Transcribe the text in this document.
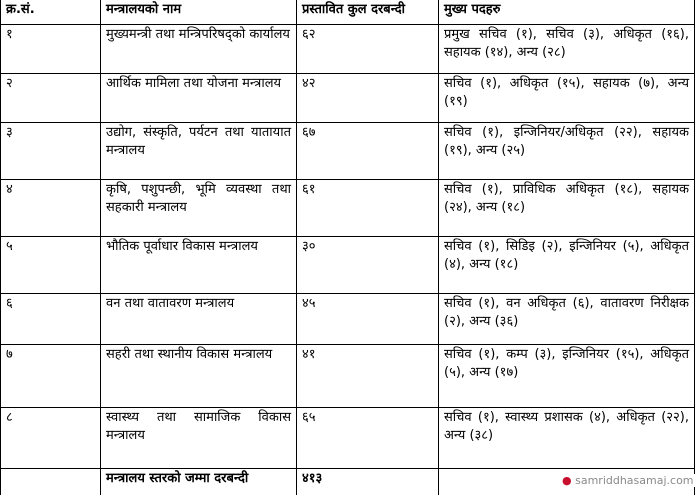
क्र.सं.	मन्त्रालयको नाम	प्रस्तावित कुल दरबन्दी	मुख्य पदहरु
१	मुख्यमन्त्री तथा मन्त्रिपरिषद्को कार्यालय	६२	प्रमुख सचिव (१), सचिव (३), अधिकृत (१६), सहायक (१४), अन्य (२८)
२	आर्थिक मामिला तथा योजना मन्त्रालय	४२	सचिव (१), अधिकृत (१५), सहायक (७), अन्य (१९)
३	उद्योग, संस्कृति, पर्यटन तथा यातायात मन्त्रालय	६७	सचिव (१), इन्जिनियर/अधिकृत (२२), सहायक (१९), अन्य (२५)
४	कृषि, पशुपन्छी, भूमि व्यवस्था तथा सहकारी मन्त्रालय	६१	सचिव (१), प्राविधिक अधिकृत (१८), सहायक (२४), अन्य (१८)
५	भौतिक पूर्वाधार विकास मन्त्रालय	३०	सचिव (१), सिडिइ (२), इन्जिनियर (५), अधिकृत (४), अन्य (१८)
६	वन तथा वातावरण मन्त्रालय	४५	सचिव (१), वन अधिकृत (६), वातावरण निरीक्षक (२), अन्य (३६)
७	सहरी तथा स्थानीय विकास मन्त्रालय	४१	सचिव (१), कम्प (३), इन्जिनियर (१५), अधिकृत (५), अन्य (१७)
८	स्वास्थ्य तथा सामाजिक विकास मन्त्रालय	६५	सचिव (१), स्वास्थ्य प्रशासक (४), अधिकृत (२२), अन्य (३८)
	मन्त्रालय स्तरको जम्मा दरबन्दी	४१३		● samriddhasamaj.com
